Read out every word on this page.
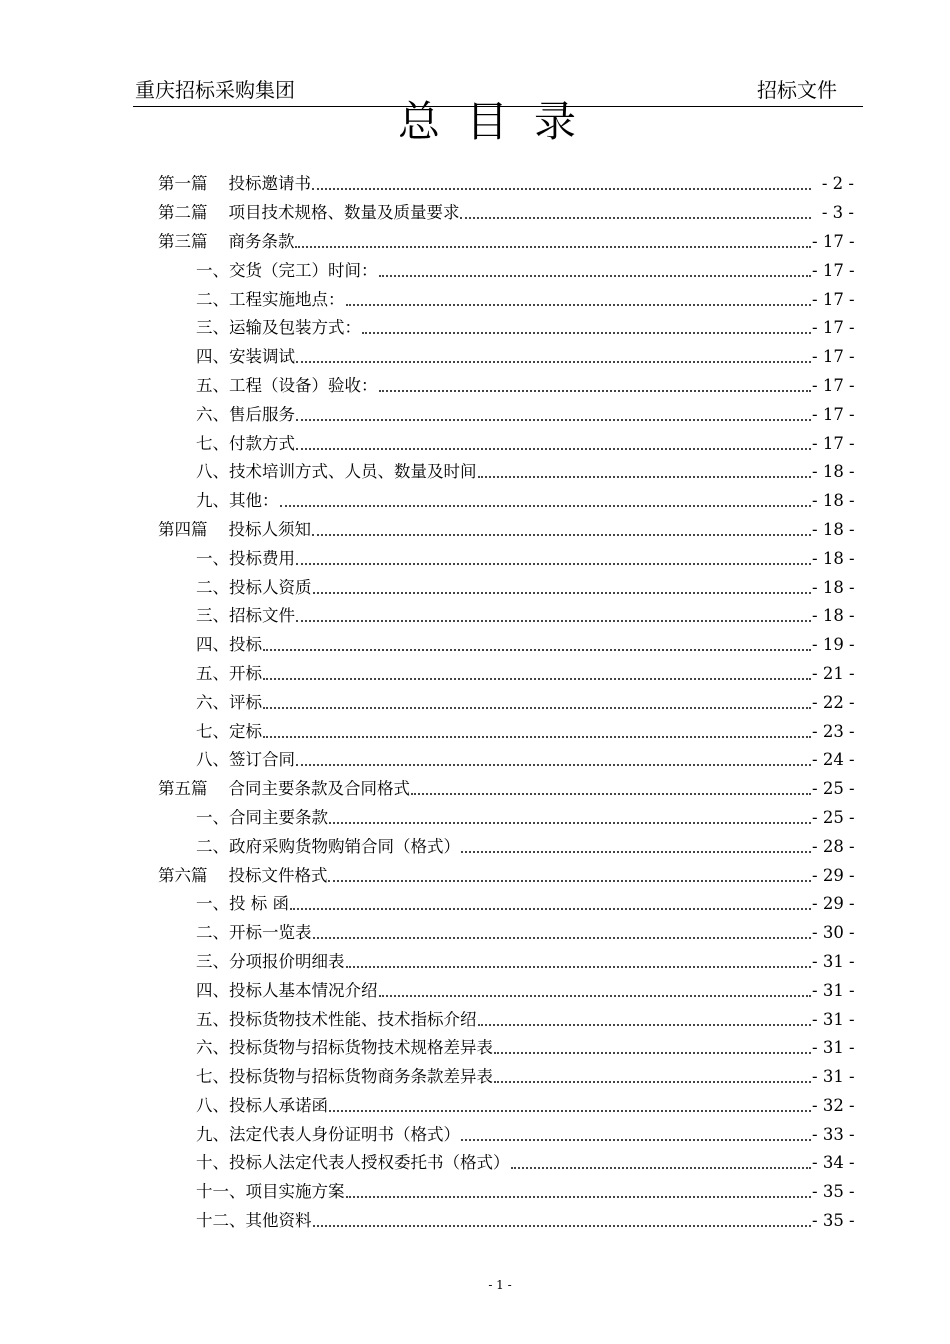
重庆招标采购集团	招标文件
总目录
第一篇    投标邀请书	- 2 -
第二篇    项目技术规格、数量及质量要求	- 3 -
第三篇    商务条款	- 17 -
一、交货（完工）时间：	- 17 -
二、工程实施地点：	- 17 -
三、运输及包装方式：	- 17 -
四、安装调试	- 17 -
五、工程（设备）验收：	- 17 -
六、售后服务	- 17 -
七、付款方式	- 17 -
八、技术培训方式、人员、数量及时间	- 18 -
九、其他：	- 18 -
第四篇    投标人须知	- 18 -
一、投标费用	- 18 -
二、投标人资质	- 18 -
三、招标文件	- 18 -
四、投标	- 19 -
五、开标	- 21 -
六、评标	- 22 -
七、定标	- 23 -
八、签订合同	- 24 -
第五篇    合同主要条款及合同格式	- 25 -
一、合同主要条款	- 25 -
二、政府采购货物购销合同（格式）	- 28 -
第六篇    投标文件格式	- 29 -
一、投 标 函	- 29 -
二、开标一览表	- 30 -
三、分项报价明细表	- 31 -
四、投标人基本情况介绍	- 31 -
五、投标货物技术性能、技术指标介绍	- 31 -
六、投标货物与招标货物技术规格差异表	- 31 -
七、投标货物与招标货物商务条款差异表	- 31 -
八、投标人承诺函	- 32 -
九、法定代表人身份证明书（格式）	- 33 -
十、投标人法定代表人授权委托书（格式）	- 34 -
十一、项目实施方案	- 35 -
十二、其他资料	- 35 -
- 1 -
